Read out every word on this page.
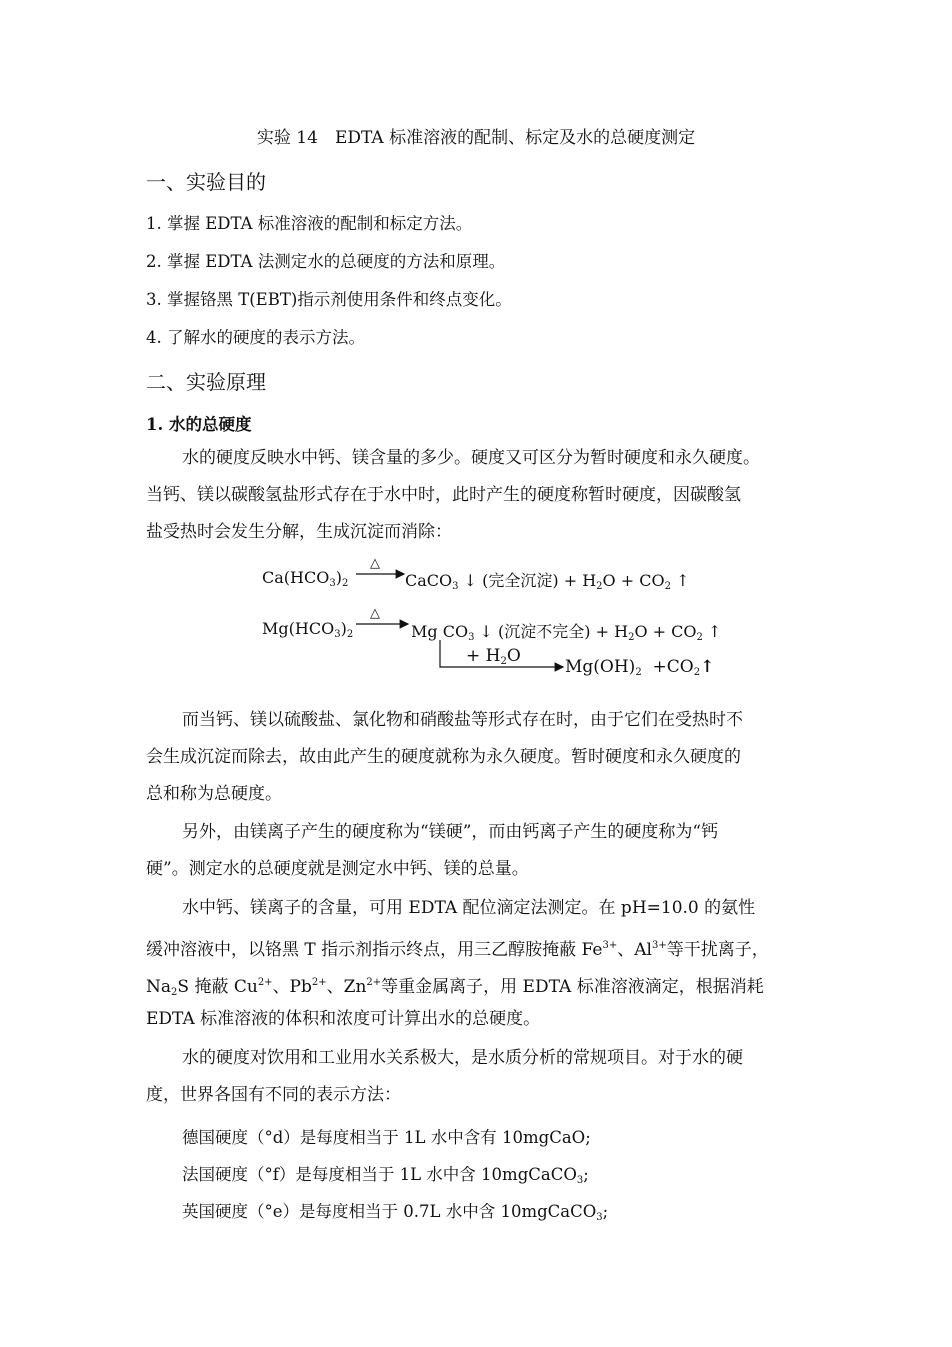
实验 14　EDTA 标准溶液的配制、标定及水的总硬度测定
一、实验目的
1. 掌握 EDTA 标准溶液的配制和标定方法。
2. 掌握 EDTA 法测定水的总硬度的方法和原理。
3. 掌握铬黑 T(EBT)指示剂使用条件和终点变化。
4. 了解水的硬度的表示方法。
二、实验原理
1. 水的总硬度
水的硬度反映水中钙、镁含量的多少。硬度又可区分为暂时硬度和永久硬度。
当钙、镁以碳酸氢盐形式存在于水中时，此时产生的硬度称暂时硬度，因碳酸氢
盐受热时会发生分解，生成沉淀而消除：
$Ca(HCO_3)_2$
△
CaCO$_3$ ↓ (完全沉淀) + $H_2O + CO_2$ ↑
$Mg(HCO_3)_2$
△
Mg $CO_3$ ↓ (沉淀不完全) + $H_2O + CO_2$ ↑
+ $H_2O$
$Mg(OH)_2$ $+CO_2↑$
而当钙、镁以硫酸盐、氯化物和硝酸盐等形式存在时，由于它们在受热时不
会生成沉淀而除去，故由此产生的硬度就称为永久硬度。暂时硬度和永久硬度的
总和称为总硬度。
另外，由镁离子产生的硬度称为“镁硬”，而由钙离子产生的硬度称为“钙
硬”。测定水的总硬度就是测定水中钙、镁的总量。
水中钙、镁离子的含量，可用 EDTA 配位滴定法测定。在 pH=10.0 的氨性
缓冲溶液中，以铬黑 T 指示剂指示终点，用三乙醇胺掩蔽 $Fe^{3+}$、$Al^{3+}$等干扰离子，
$Na_2S$ 掩蔽 $Cu^{2+}$、$Pb^{2+}$、$Zn^{2+}$等重金属离子，用 EDTA 标准溶液滴定，根据消耗
EDTA 标准溶液的体积和浓度可计算出水的总硬度。
水的硬度对饮用和工业用水关系极大，是水质分析的常规项目。对于水的硬
度，世界各国有不同的表示方法：
德国硬度（°d）是每度相当于 1L 水中含有 10mgCaO;
法国硬度（°f）是每度相当于 1L 水中含 10mgCaCO$_3$;
英国硬度（°e）是每度相当于 0.7L 水中含 10mgCaCO$_3$;
